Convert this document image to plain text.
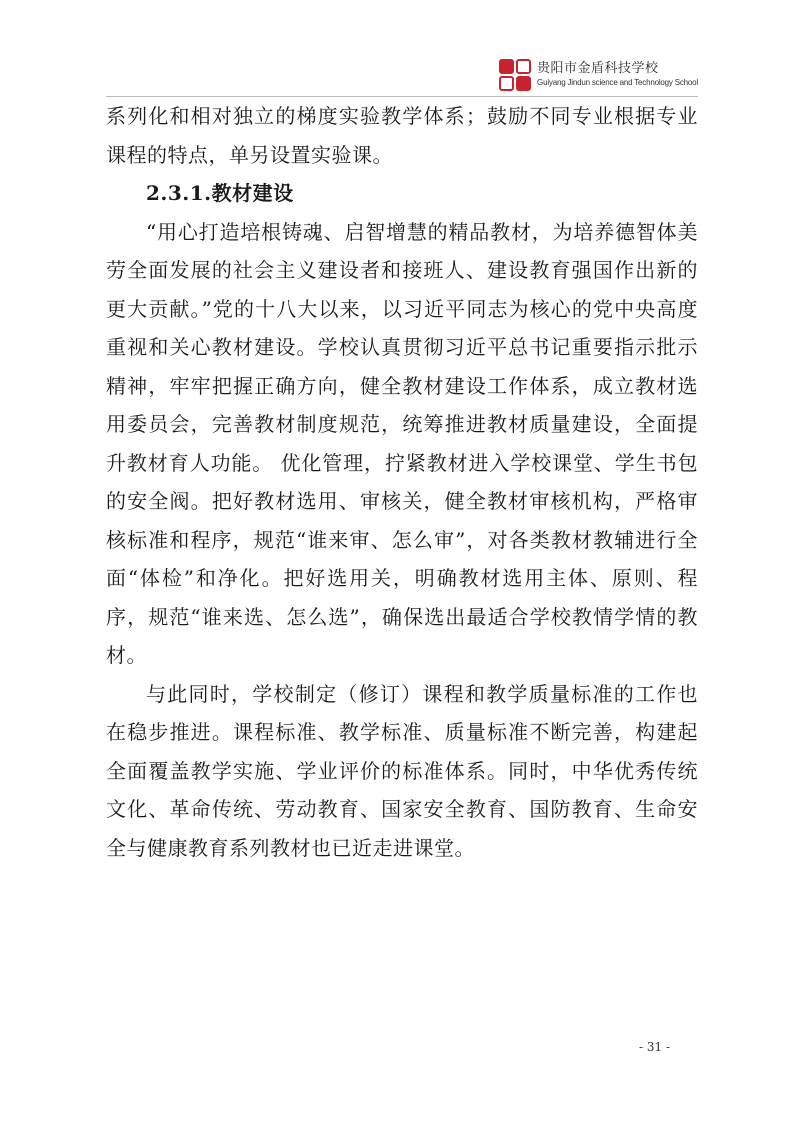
贵阳市金盾科技学校
Guiyang Jindun science and Technology School

系列化和相对独立的梯度实验教学体系；鼓励不同专业根据专业课程的特点，单另设置实验课。

2.3.1.教材建设

“用心打造培根铸魂、启智增慧的精品教材，为培养德智体美劳全面发展的社会主义建设者和接班人、建设教育强国作出新的更大贡献。”党的十八大以来，以习近平同志为核心的党中央高度重视和关心教材建设。学校认真贯彻习近平总书记重要指示批示精神，牢牢把握正确方向，健全教材建设工作体系，成立教材选用委员会，完善教材制度规范，统筹推进教材质量建设，全面提升教材育人功能。 优化管理，拧紧教材进入学校课堂、学生书包的安全阀。把好教材选用、审核关，健全教材审核机构，严格审核标准和程序，规范“谁来审、怎么审”，对各类教材教辅进行全面“体检”和净化。把好选用关，明确教材选用主体、原则、程序，规范“谁来选、怎么选”，确保选出最适合学校教情学情的教材。

与此同时，学校制定（修订）课程和教学质量标准的工作也在稳步推进。课程标准、教学标准、质量标准不断完善，构建起全面覆盖教学实施、学业评价的标准体系。同时，中华优秀传统文化、革命传统、劳动教育、国家安全教育、国防教育、生命安全与健康教育系列教材也已近走进课堂。

- 31 -
